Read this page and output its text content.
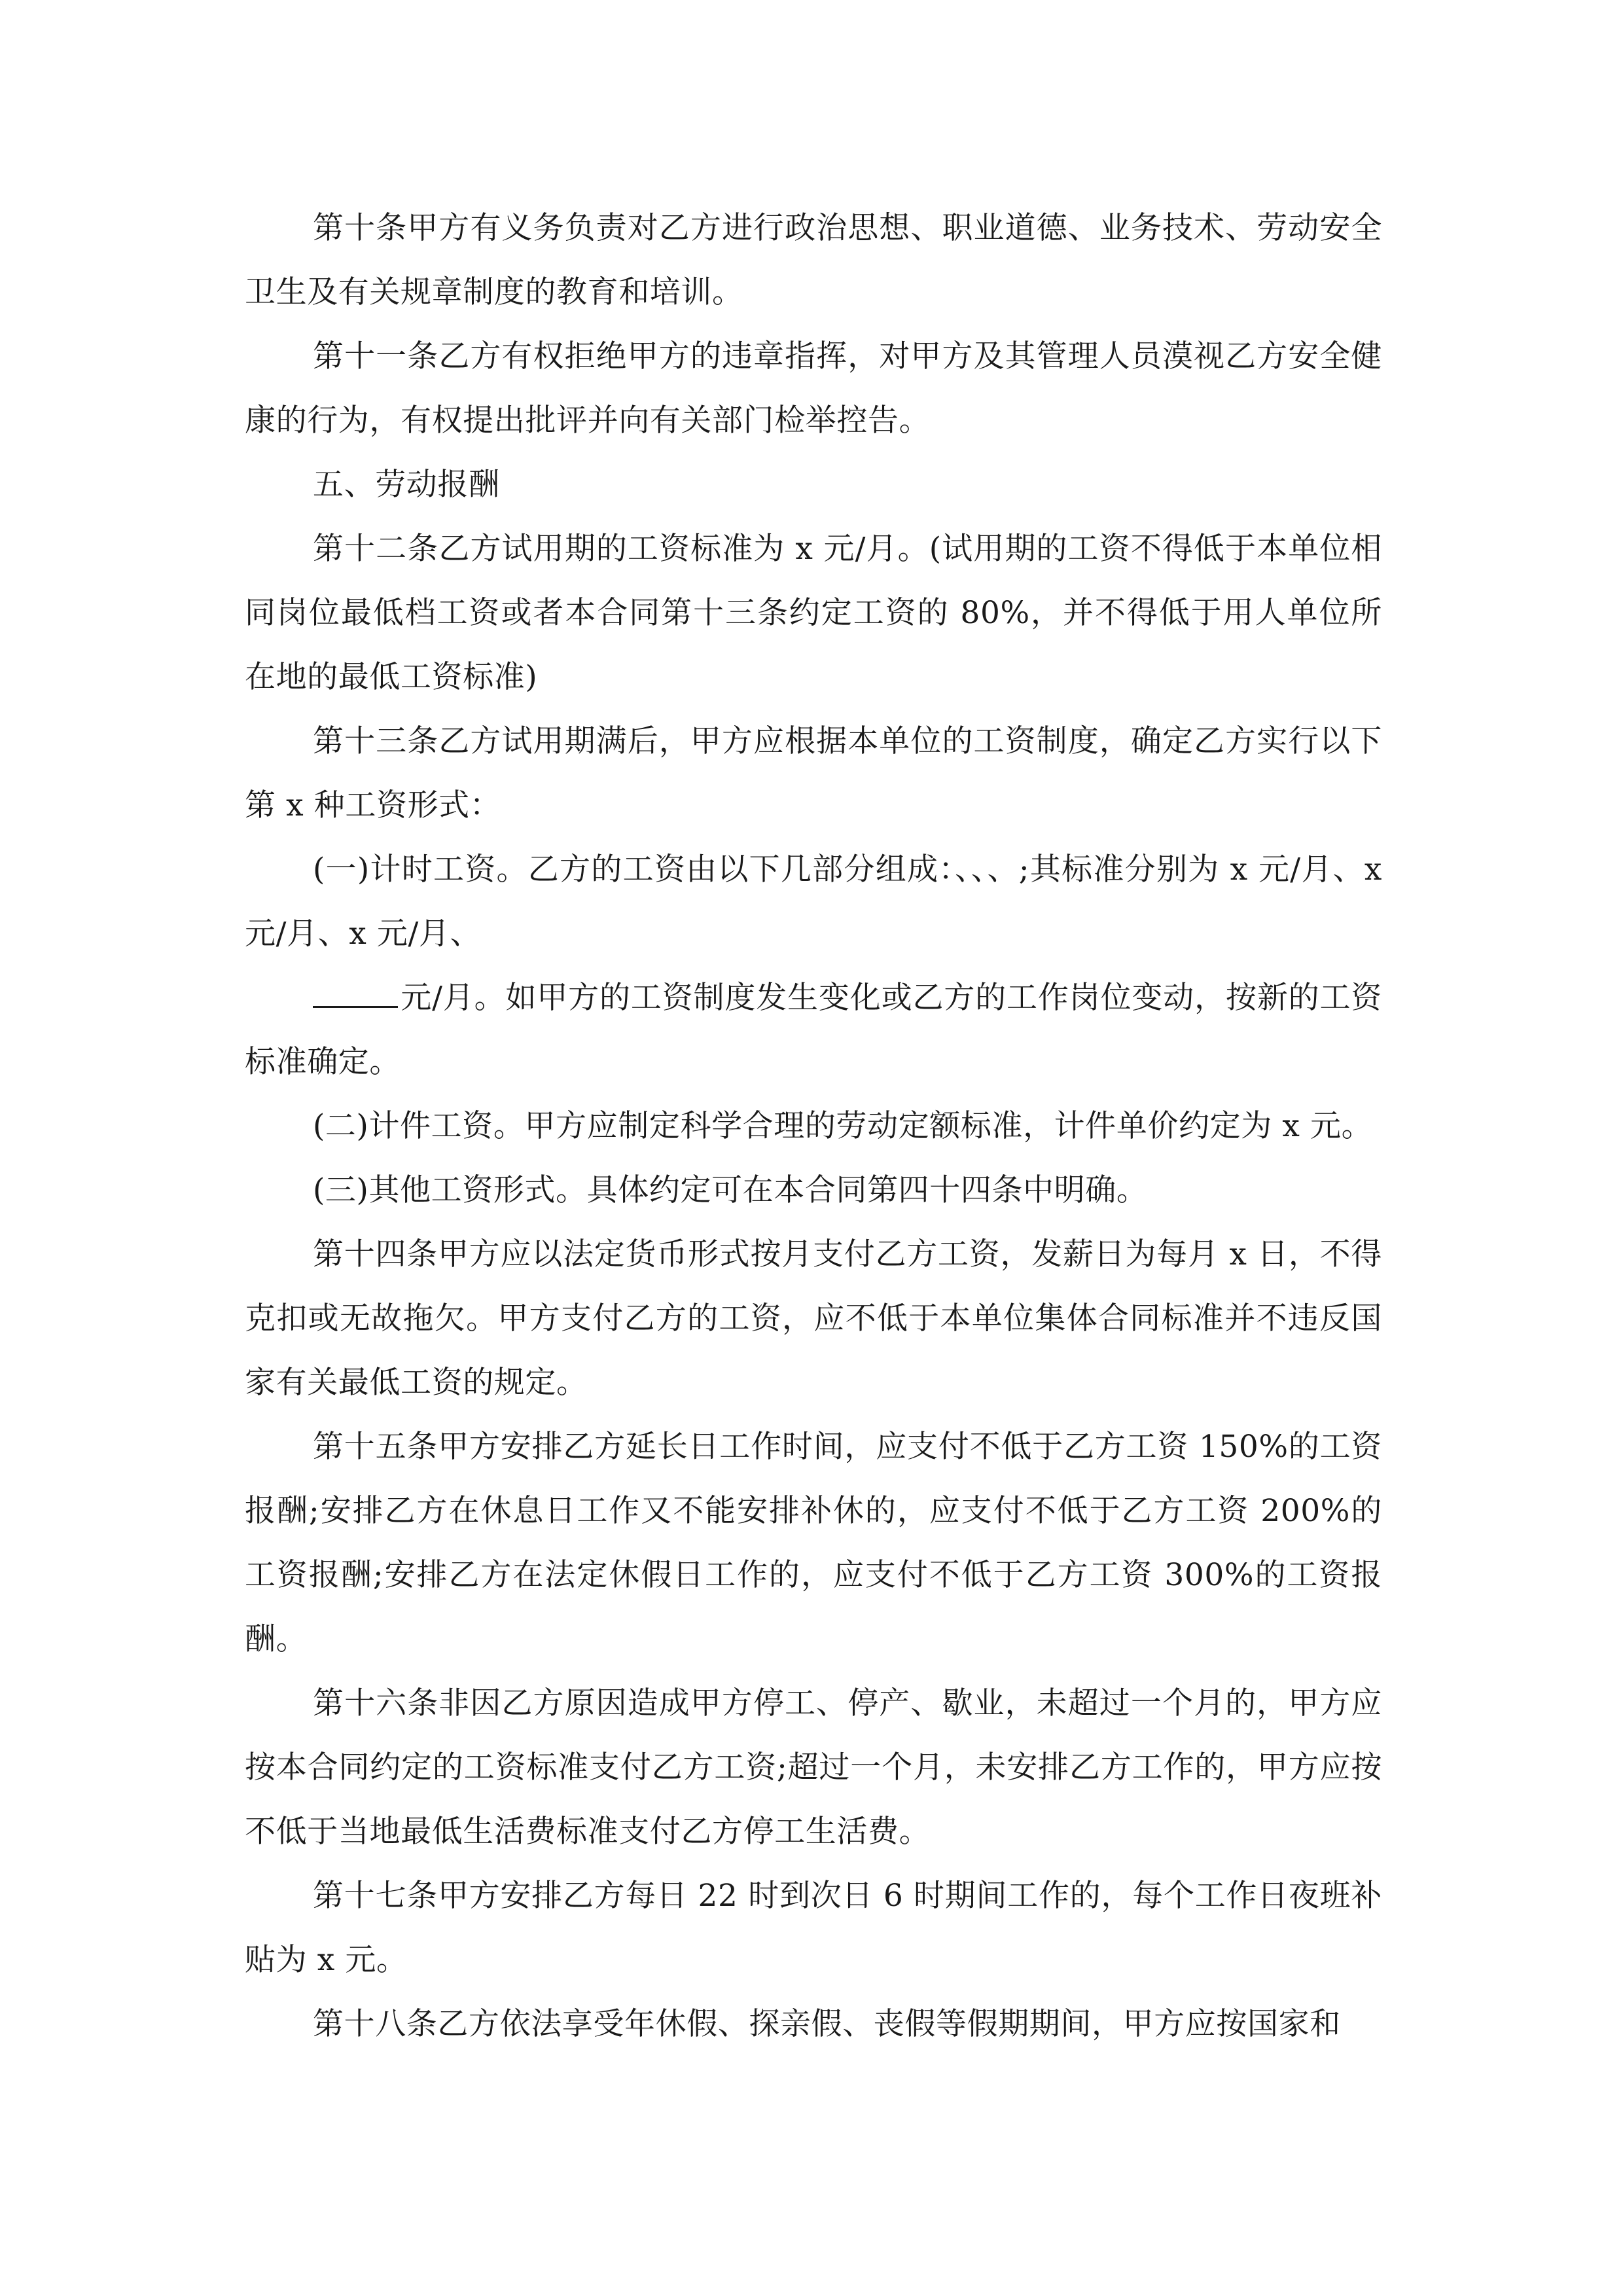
第十条甲方有义务负责对乙方进行政治思想、职业道德、业务技术、劳动安全卫生及有关规章制度的教育和培训。

第十一条乙方有权拒绝甲方的违章指挥，对甲方及其管理人员漠视乙方安全健康的行为，有权提出批评并向有关部门检举控告。

五、劳动报酬

第十二条乙方试用期的工资标准为 x 元/月。(试用期的工资不得低于本单位相同岗位最低档工资或者本合同第十三条约定工资的 80%，并不得低于用人单位所在地的最低工资标准)

第十三条乙方试用期满后，甲方应根据本单位的工资制度，确定乙方实行以下第 x 种工资形式：

(一)计时工资。乙方的工资由以下几部分组成：、、、;其标准分别为 x 元/月、x 元/月、x 元/月、

元/月。如甲方的工资制度发生变化或乙方的工作岗位变动，按新的工资标准确定。

(二)计件工资。甲方应制定科学合理的劳动定额标准，计件单价约定为 x 元。

(三)其他工资形式。具体约定可在本合同第四十四条中明确。

第十四条甲方应以法定货币形式按月支付乙方工资，发薪日为每月 x 日，不得克扣或无故拖欠。甲方支付乙方的工资，应不低于本单位集体合同标准并不违反国家有关最低工资的规定。

第十五条甲方安排乙方延长日工作时间，应支付不低于乙方工资 150%的工资报酬;安排乙方在休息日工作又不能安排补休的，应支付不低于乙方工资 200%的工资报酬;安排乙方在法定休假日工作的，应支付不低于乙方工资 300%的工资报酬。

第十六条非因乙方原因造成甲方停工、停产、歇业，未超过一个月的，甲方应按本合同约定的工资标准支付乙方工资;超过一个月，未安排乙方工作的，甲方应按不低于当地最低生活费标准支付乙方停工生活费。

第十七条甲方安排乙方每日 22 时到次日 6 时期间工作的，每个工作日夜班补贴为 x 元。

第十八条乙方依法享受年休假、探亲假、丧假等假期期间，甲方应按国家和
